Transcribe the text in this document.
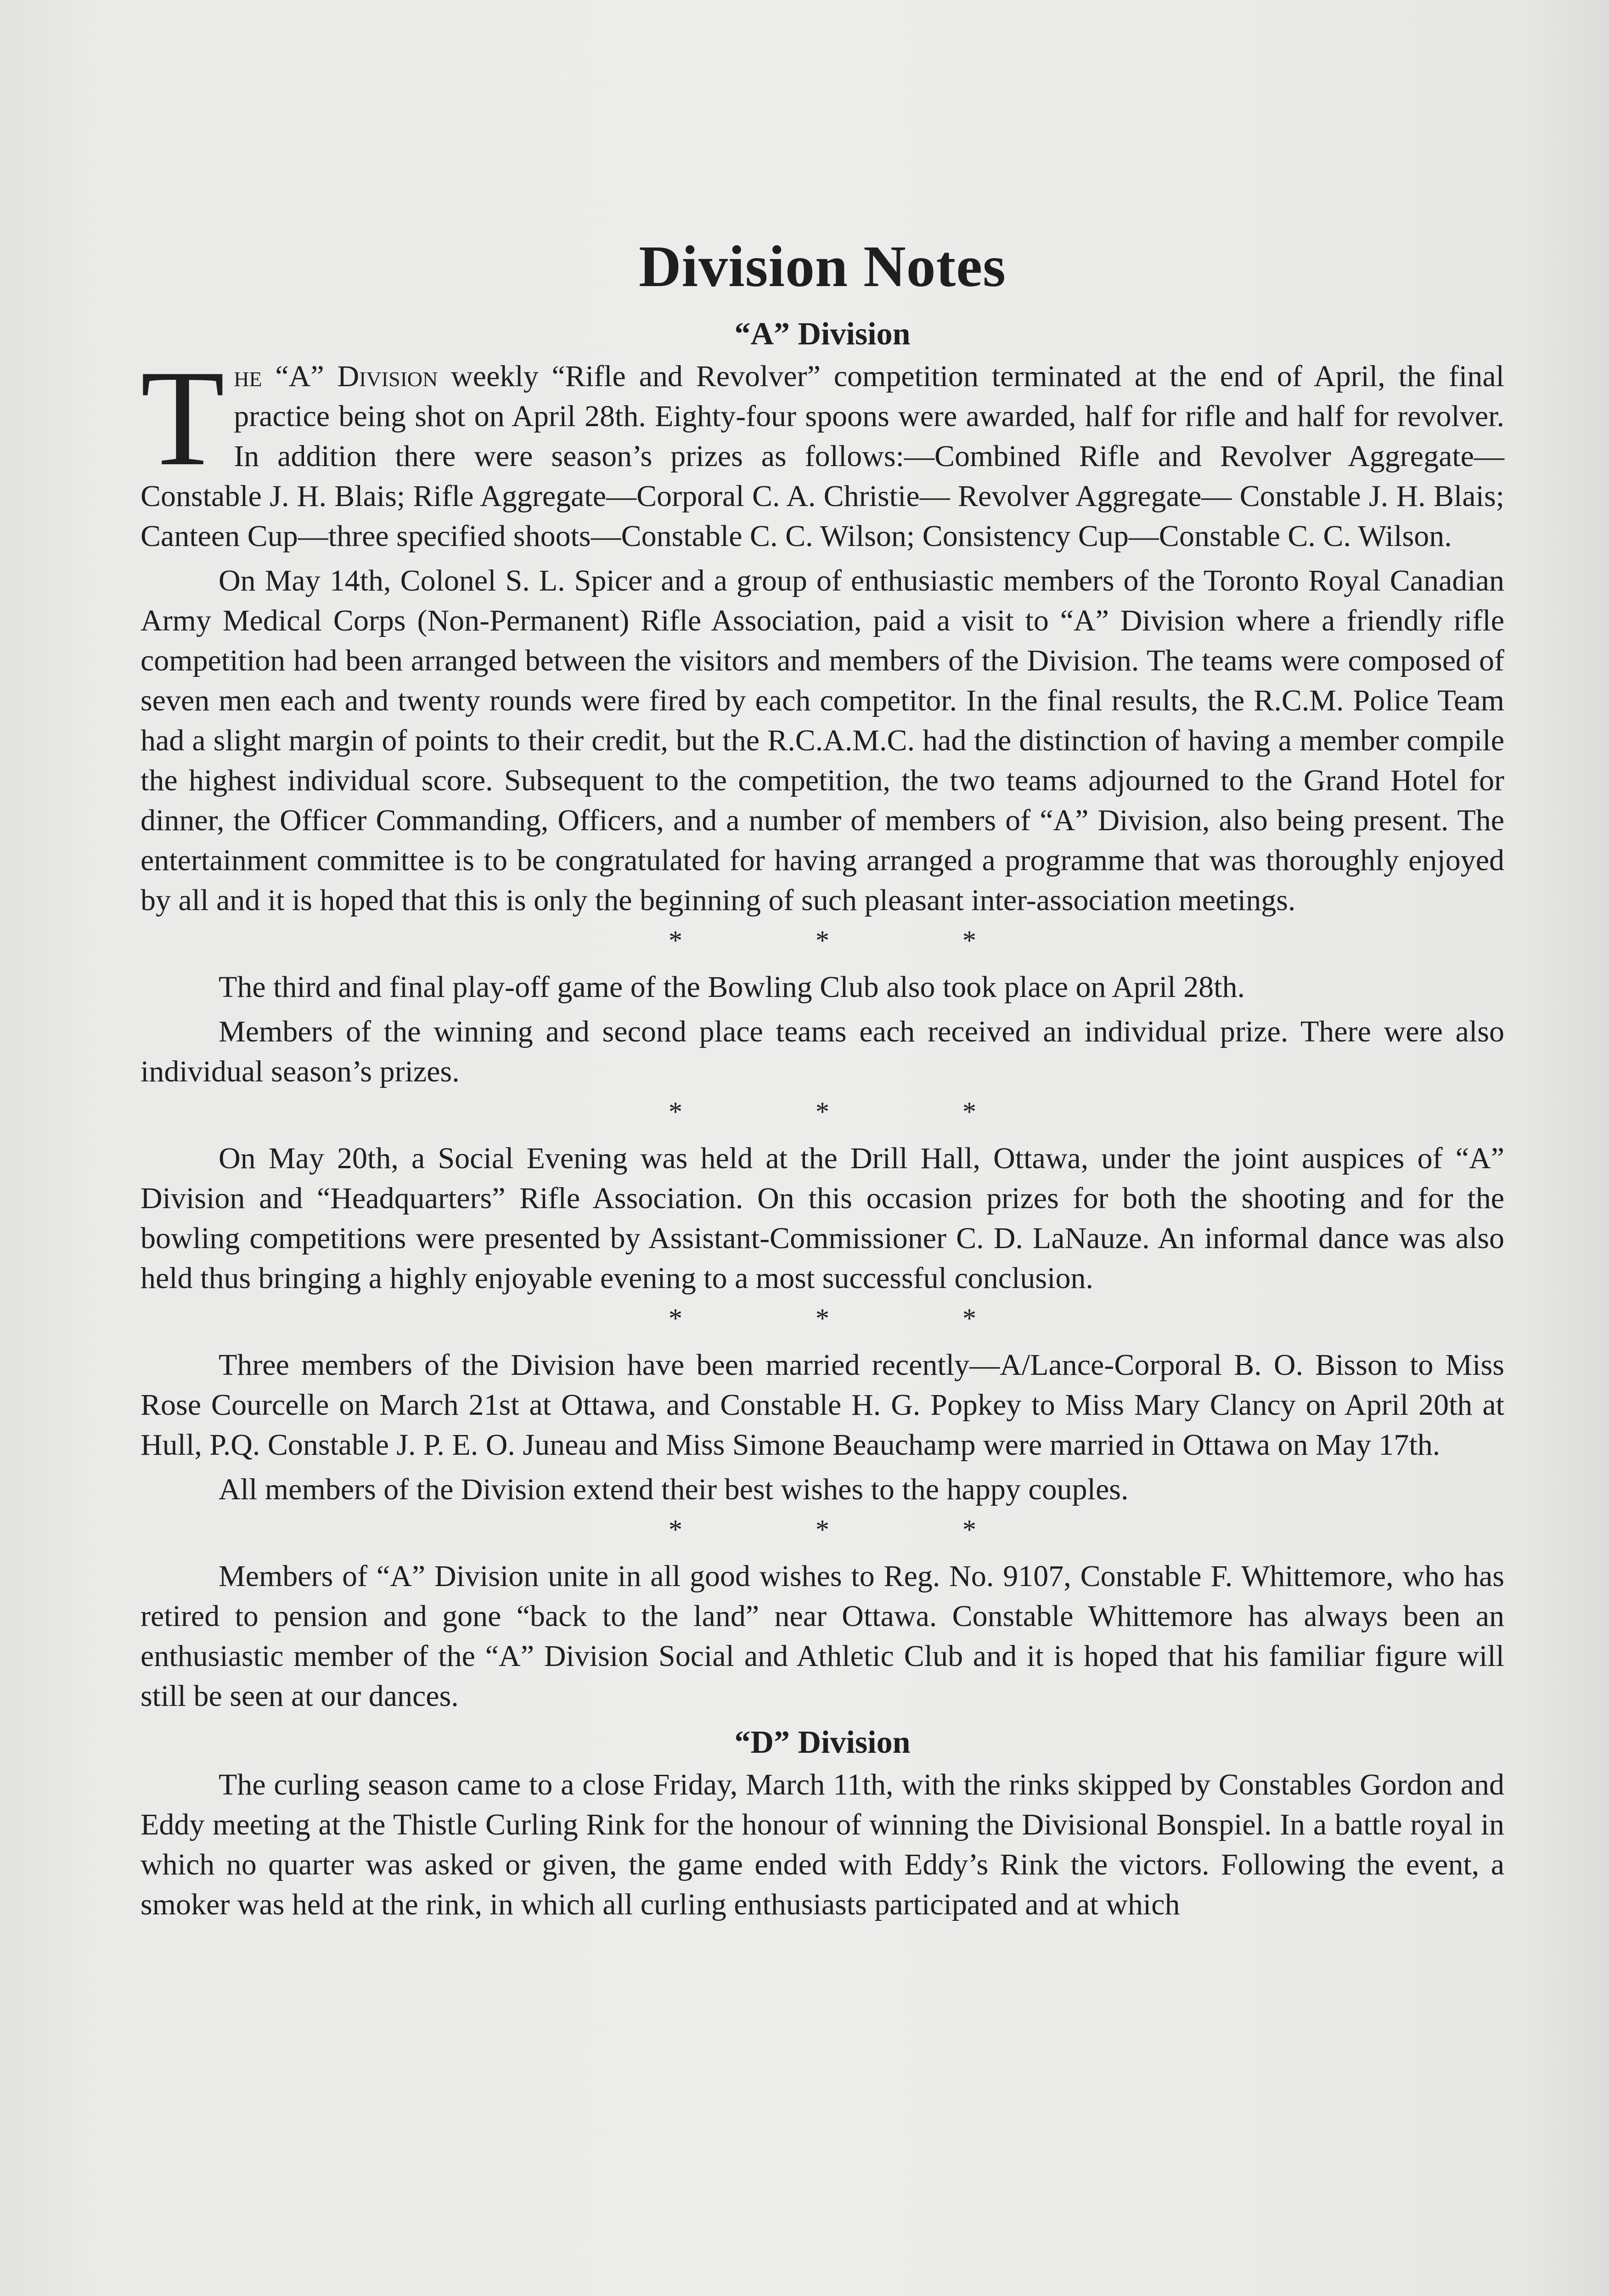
Division Notes
“A” Division

The “A” Division weekly “Rifle and Revolver” competition terminated at the end of April, the final practice being shot on April 28th. Eighty-four spoons were awarded, half for rifle and half for revolver. In addition there were season’s prizes as follows:—Combined Rifle and Revolver Aggregate—Constable J. H. Blais; Rifle Aggregate—Corporal C. A. Christie— Revolver Aggregate— Constable J. H. Blais; Canteen Cup—three specified shoots—Constable C. C. Wilson; Consistency Cup—Constable C. C. Wilson.

On May 14th, Colonel S. L. Spicer and a group of enthusiastic members of the Toronto Royal Canadian Army Medical Corps (Non-Permanent) Rifle Association, paid a visit to “A” Division where a friendly rifle competition had been arranged between the visitors and members of the Division. The teams were composed of seven men each and twenty rounds were fired by each competitor. In the final results, the R.C.M. Police Team had a slight margin of points to their credit, but the R.C.A.M.C. had the distinction of having a member compile the highest individual score. Subsequent to the competition, the two teams adjourned to the Grand Hotel for dinner, the Officer Commanding, Officers, and a number of members of “A” Division, also being present. The entertainment committee is to be congratulated for having arranged a programme that was thoroughly enjoyed by all and it is hoped that this is only the beginning of such pleasant inter-association meetings.

*	*	*

The third and final play-off game of the Bowling Club also took place on April 28th.

Members of the winning and second place teams each received an individual prize. There were also individual season’s prizes.

*	*	*

On May 20th, a Social Evening was held at the Drill Hall, Ottawa, under the joint auspices of “A” Division and “Headquarters” Rifle Association. On this occasion prizes for both the shooting and for the bowling competitions were presented by Assistant-Commissioner C. D. LaNauze. An informal dance was also held thus bringing a highly enjoyable evening to a most successful conclusion.

*	*	*

Three members of the Division have been married recently—A/Lance-Corporal B. O. Bisson to Miss Rose Courcelle on March 21st at Ottawa, and Constable H. G. Popkey to Miss Mary Clancy on April 20th at Hull, P.Q. Constable J. P. E. O. Juneau and Miss Simone Beauchamp were married in Ottawa on May 17th.

All members of the Division extend their best wishes to the happy couples.

*	*	*

Members of “A” Division unite in all good wishes to Reg. No. 9107, Constable F. Whittemore, who has retired to pension and gone “back to the land” near Ottawa. Constable Whittemore has always been an enthusiastic member of the “A” Division Social and Athletic Club and it is hoped that his familiar figure will still be seen at our dances.

“D” Division

The curling season came to a close Friday, March 11th, with the rinks skipped by Constables Gordon and Eddy meeting at the Thistle Curling Rink for the honour of winning the Divisional Bonspiel. In a battle royal in which no quarter was asked or given, the game ended with Eddy’s Rink the victors. Following the event, a smoker was held at the rink, in which all curling enthusiasts participated and at which
